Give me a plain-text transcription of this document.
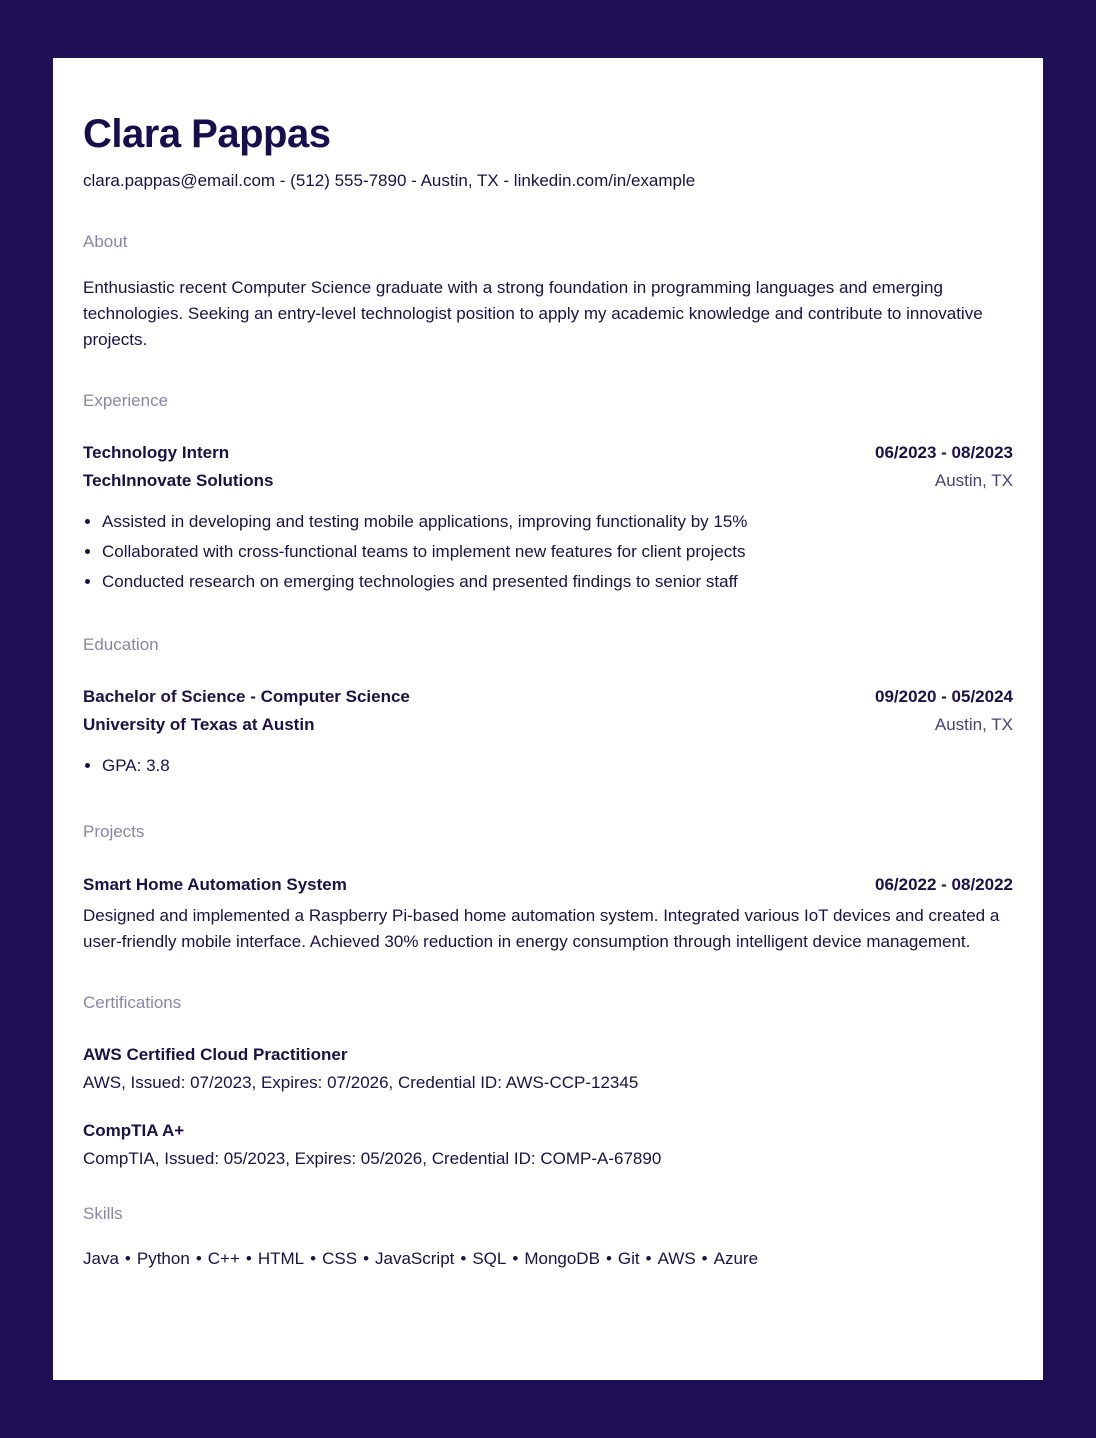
Clara Pappas
clara.pappas@email.com - (512) 555-7890 - Austin, TX - linkedin.com/in/example
About
Enthusiastic recent Computer Science graduate with a strong foundation in programming languages and emerging technologies. Seeking an entry-level technologist position to apply my academic knowledge and contribute to innovative projects.
Experience
Technology Intern	06/2023 - 08/2023
TechInnovate Solutions	Austin, TX
• Assisted in developing and testing mobile applications, improving functionality by 15%
• Collaborated with cross-functional teams to implement new features for client projects
• Conducted research on emerging technologies and presented findings to senior staff
Education
Bachelor of Science - Computer Science	09/2020 - 05/2024
University of Texas at Austin	Austin, TX
• GPA: 3.8
Projects
Smart Home Automation System	06/2022 - 08/2022
Designed and implemented a Raspberry Pi-based home automation system. Integrated various IoT devices and created a user-friendly mobile interface. Achieved 30% reduction in energy consumption through intelligent device management.
Certifications
AWS Certified Cloud Practitioner
AWS, Issued: 07/2023, Expires: 07/2026, Credential ID: AWS-CCP-12345
CompTIA A+
CompTIA, Issued: 05/2023, Expires: 05/2026, Credential ID: COMP-A-67890
Skills
Java • Python • C++ • HTML • CSS • JavaScript • SQL • MongoDB • Git • AWS • Azure
